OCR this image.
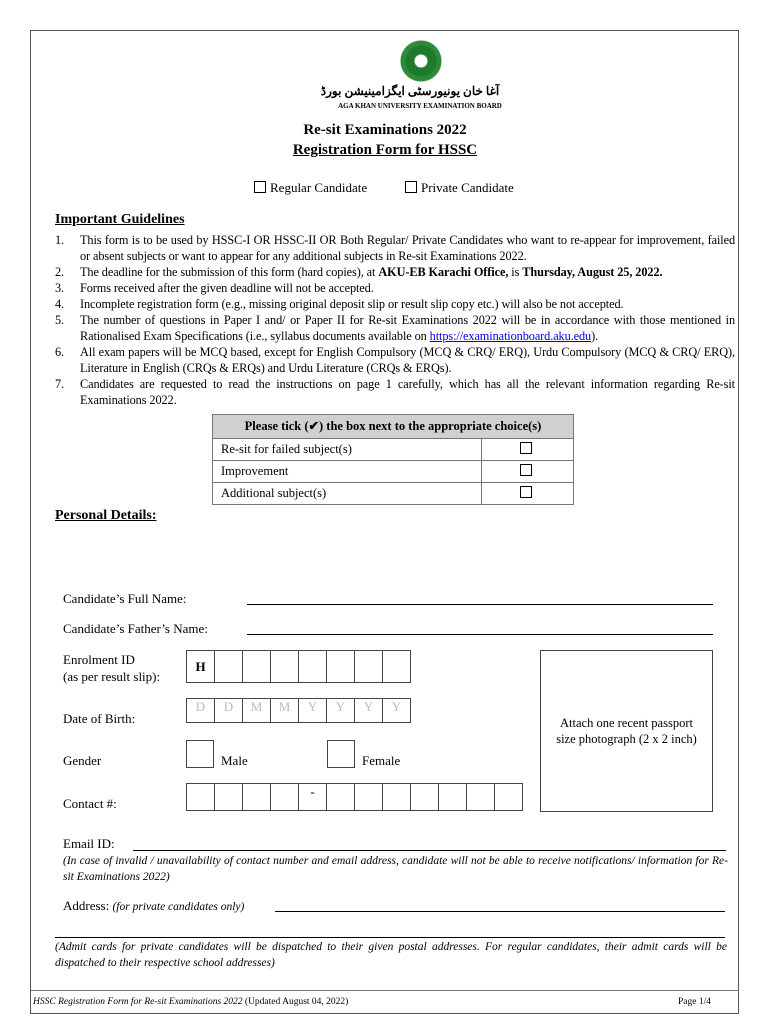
آغا خان یونیورسٹی ایگزامینیشن بورڈ
AGA KHAN UNIVERSITY EXAMINATION BOARD
Re-sit Examinations 2022
Registration Form for HSSC
Regular Candidate	Private Candidate
Important Guidelines
1. This form is to be used by HSSC-I OR HSSC-II OR Both Regular/ Private Candidates who want to re-appear for improvement, failed or absent subjects or want to appear for any additional subjects in Re-sit Examinations 2022.
2. The deadline for the submission of this form (hard copies), at AKU-EB Karachi Office, is Thursday, August 25, 2022.
3. Forms received after the given deadline will not be accepted.
4. Incomplete registration form (e.g., missing original deposit slip or result slip copy etc.) will also be not accepted.
5. The number of questions in Paper I and/ or Paper II for Re-sit Examinations 2022 will be in accordance with those mentioned in Rationalised Exam Specifications (i.e., syllabus documents available on https://examinationboard.aku.edu).
6. All exam papers will be MCQ based, except for English Compulsory (MCQ & CRQ/ ERQ), Urdu Compulsory (MCQ & CRQ/ ERQ), Literature in English (CRQs & ERQs) and Urdu Literature (CRQs & ERQs).
7. Candidates are requested to read the instructions on page 1 carefully, which has all the relevant information regarding Re-sit Examinations 2022.
Please tick (✔) the box next to the appropriate choice(s)	
Re-sit for failed subject(s)	
Improvement	
Additional subject(s)	
Personal Details:
Candidate’s Full Name:
Candidate’s Father’s Name:
Enrolment ID
(as per result slip):
H
Date of Birth:
D	D	M	M	Y	Y	Y	Y
Gender	Male	Female
Contact #:
-
Attach one recent passport size photograph (2 x 2 inch)
Email ID:
(In case of invalid / unavailability of contact number and email address, candidate will not be able to receive notifications/ information for Re-sit Examinations 2022)
Address: (for private candidates only)
(Admit cards for private candidates will be dispatched to their given postal addresses. For regular candidates, their admit cards will be dispatched to their respective school addresses)
HSSC Registration Form for Re-sit Examinations 2022 (Updated August 04, 2022)	Page 1/4
